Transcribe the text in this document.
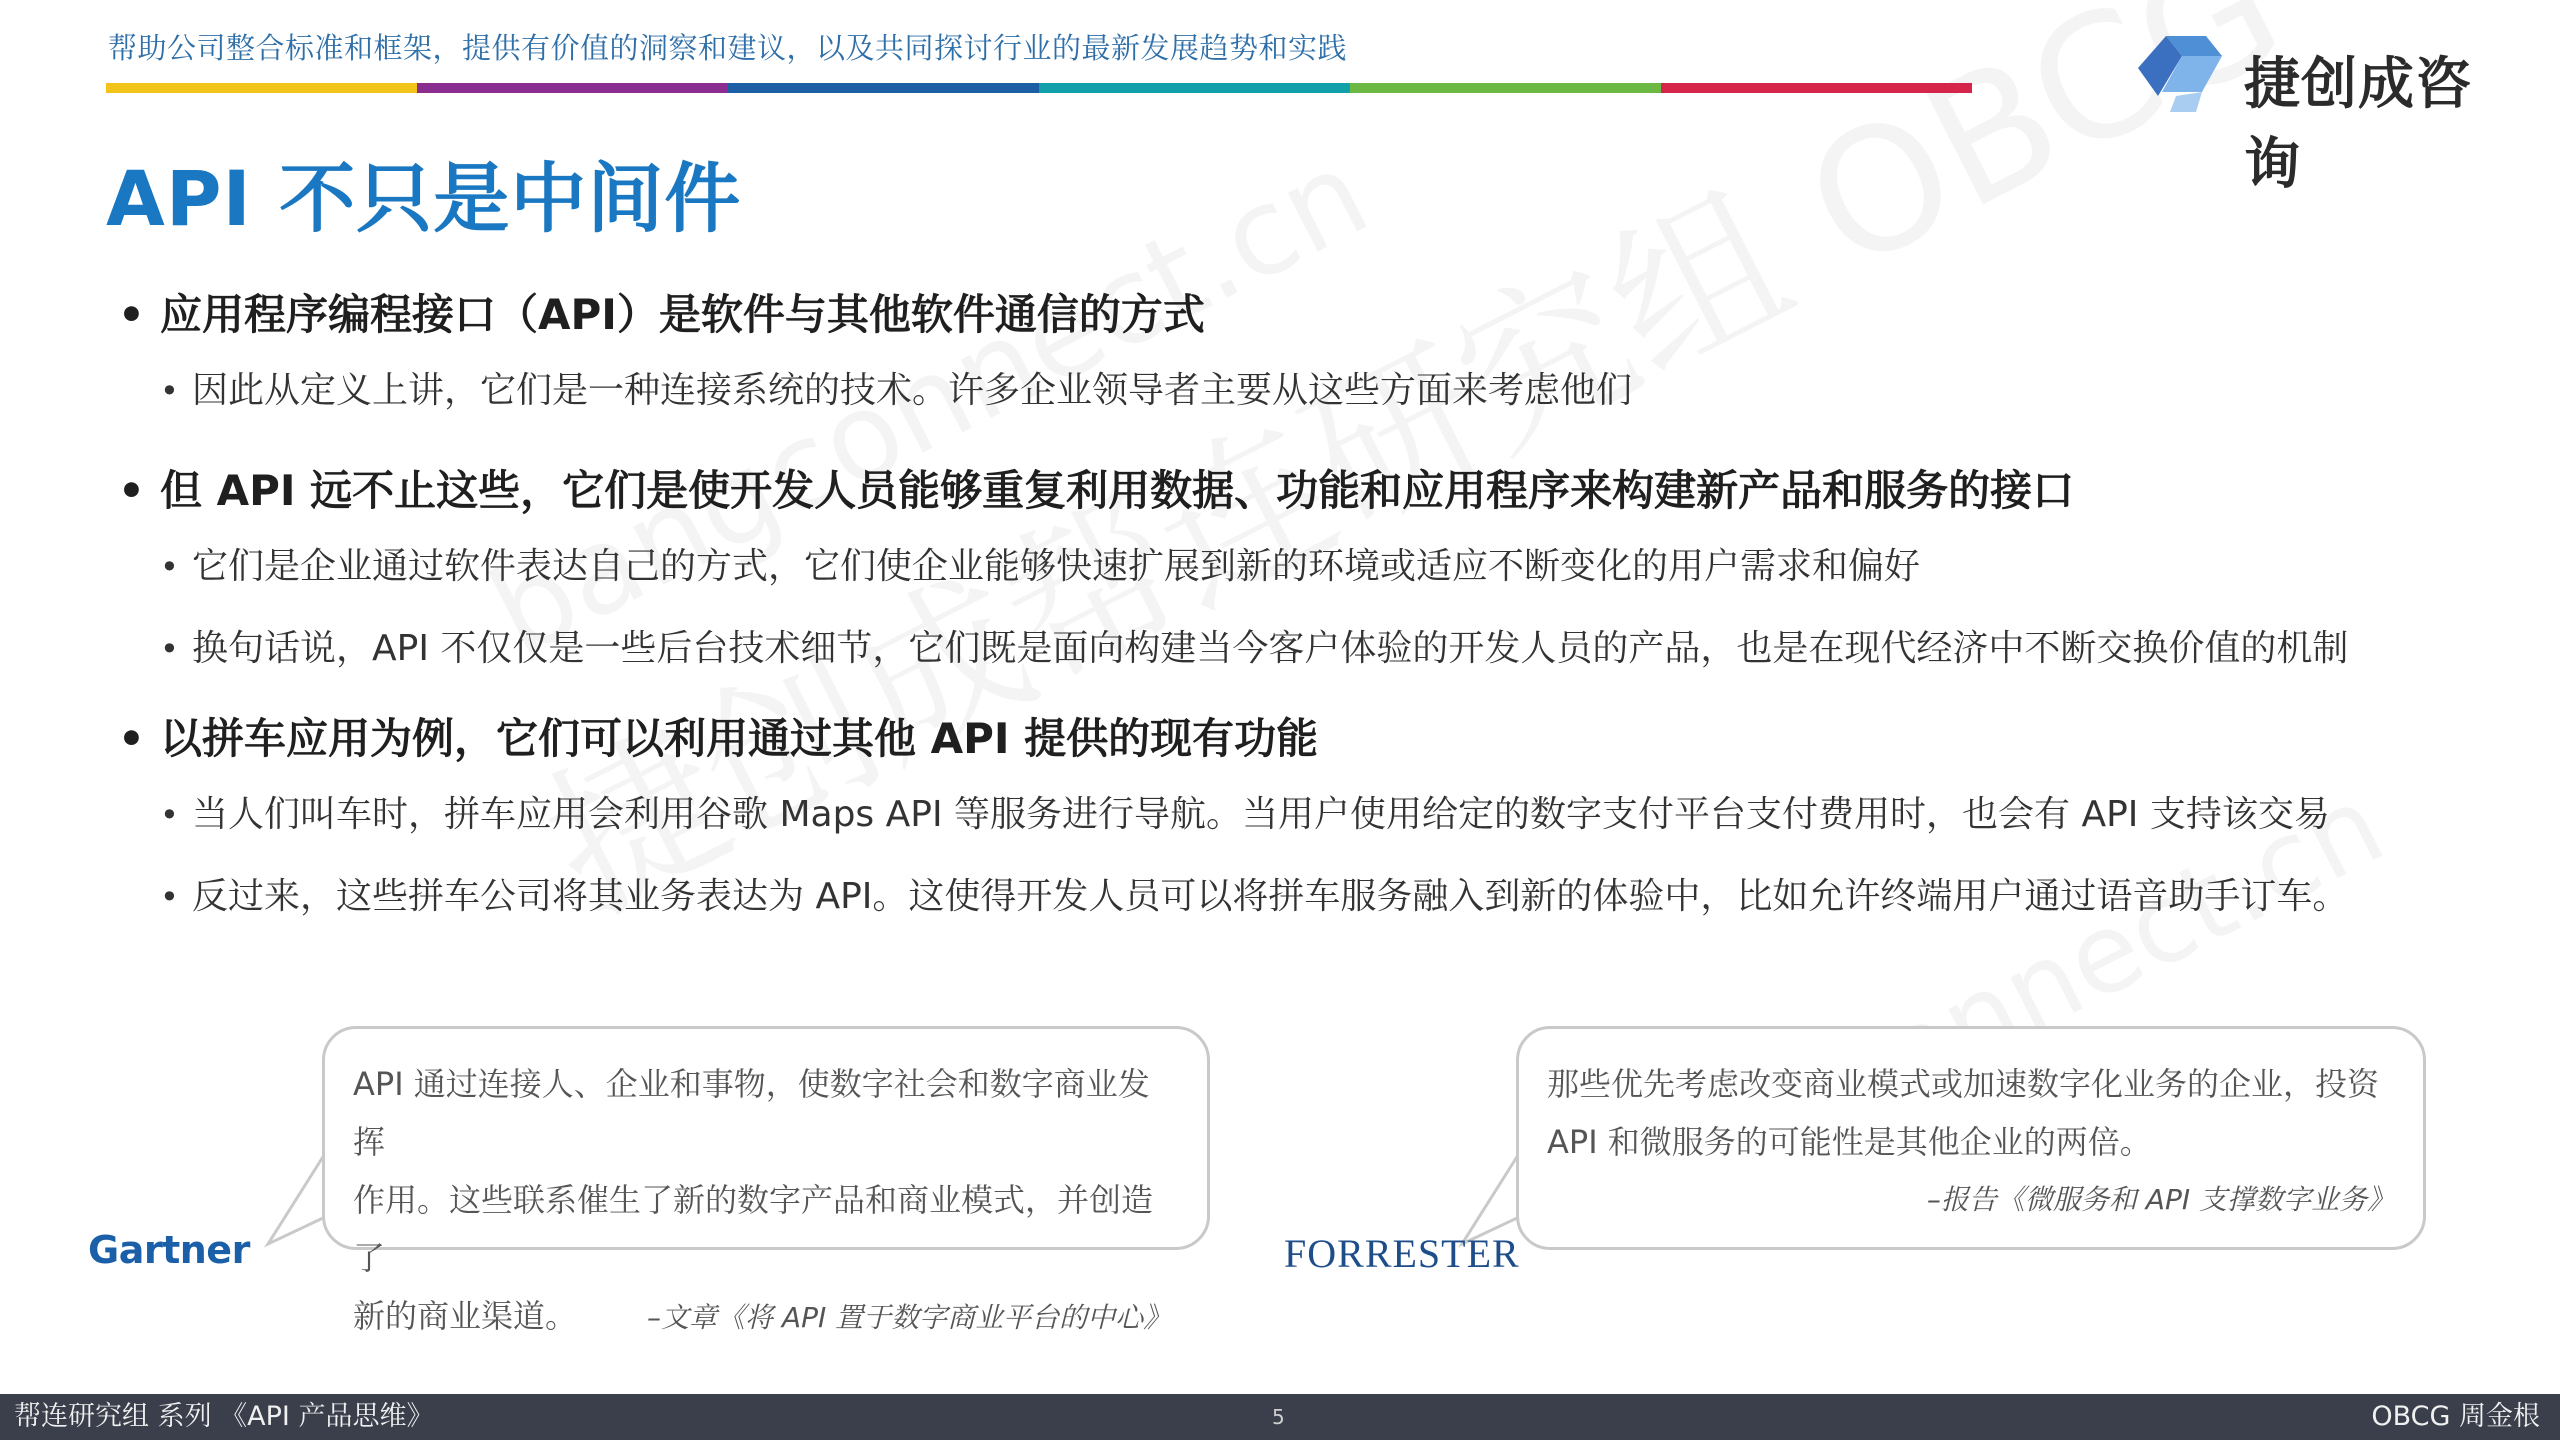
帮助公司整合标准和框架，提供有价值的洞察和建议，以及共同探讨行业的最新发展趋势和实践
捷创成咨询
API 不只是中间件
• 应用程序编程接口（API）是软件与其他软件通信的方式
• 因此从定义上讲，它们是一种连接系统的技术。许多企业领导者主要从这些方面来考虑他们
• 但 API 远不止这些，它们是使开发人员能够重复利用数据、功能和应用程序来构建新产品和服务的接口
• 它们是企业通过软件表达自己的方式，它们使企业能够快速扩展到新的环境或适应不断变化的用户需求和偏好
• 换句话说，API 不仅仅是一些后台技术细节，它们既是面向构建当今客户体验的开发人员的产品，也是在现代经济中不断交换价值的机制
• 以拼车应用为例，它们可以利用通过其他 API 提供的现有功能
• 当人们叫车时，拼车应用会利用谷歌 Maps API 等服务进行导航。当用户使用给定的数字支付平台支付费用时，也会有 API 支持该交易
• 反过来，这些拼车公司将其业务表达为 API。这使得开发人员可以将拼车服务融入到新的体验中，比如允许终端用户通过语音助手订车。
API 通过连接人、企业和事物，使数字社会和数字商业发挥
作用。这些联系催生了新的数字产品和商业模式，并创造了
新的商业渠道。	–文章《将 API 置于数字商业平台的中心》
Gartner
那些优先考虑改变商业模式或加速数字化业务的企业，投资
API 和微服务的可能性是其他企业的两倍。
–报告《微服务和 API 支撑数字业务》
FORRESTER
帮连研究组 系列 《API 产品思维》	5	OBCG 周金根
